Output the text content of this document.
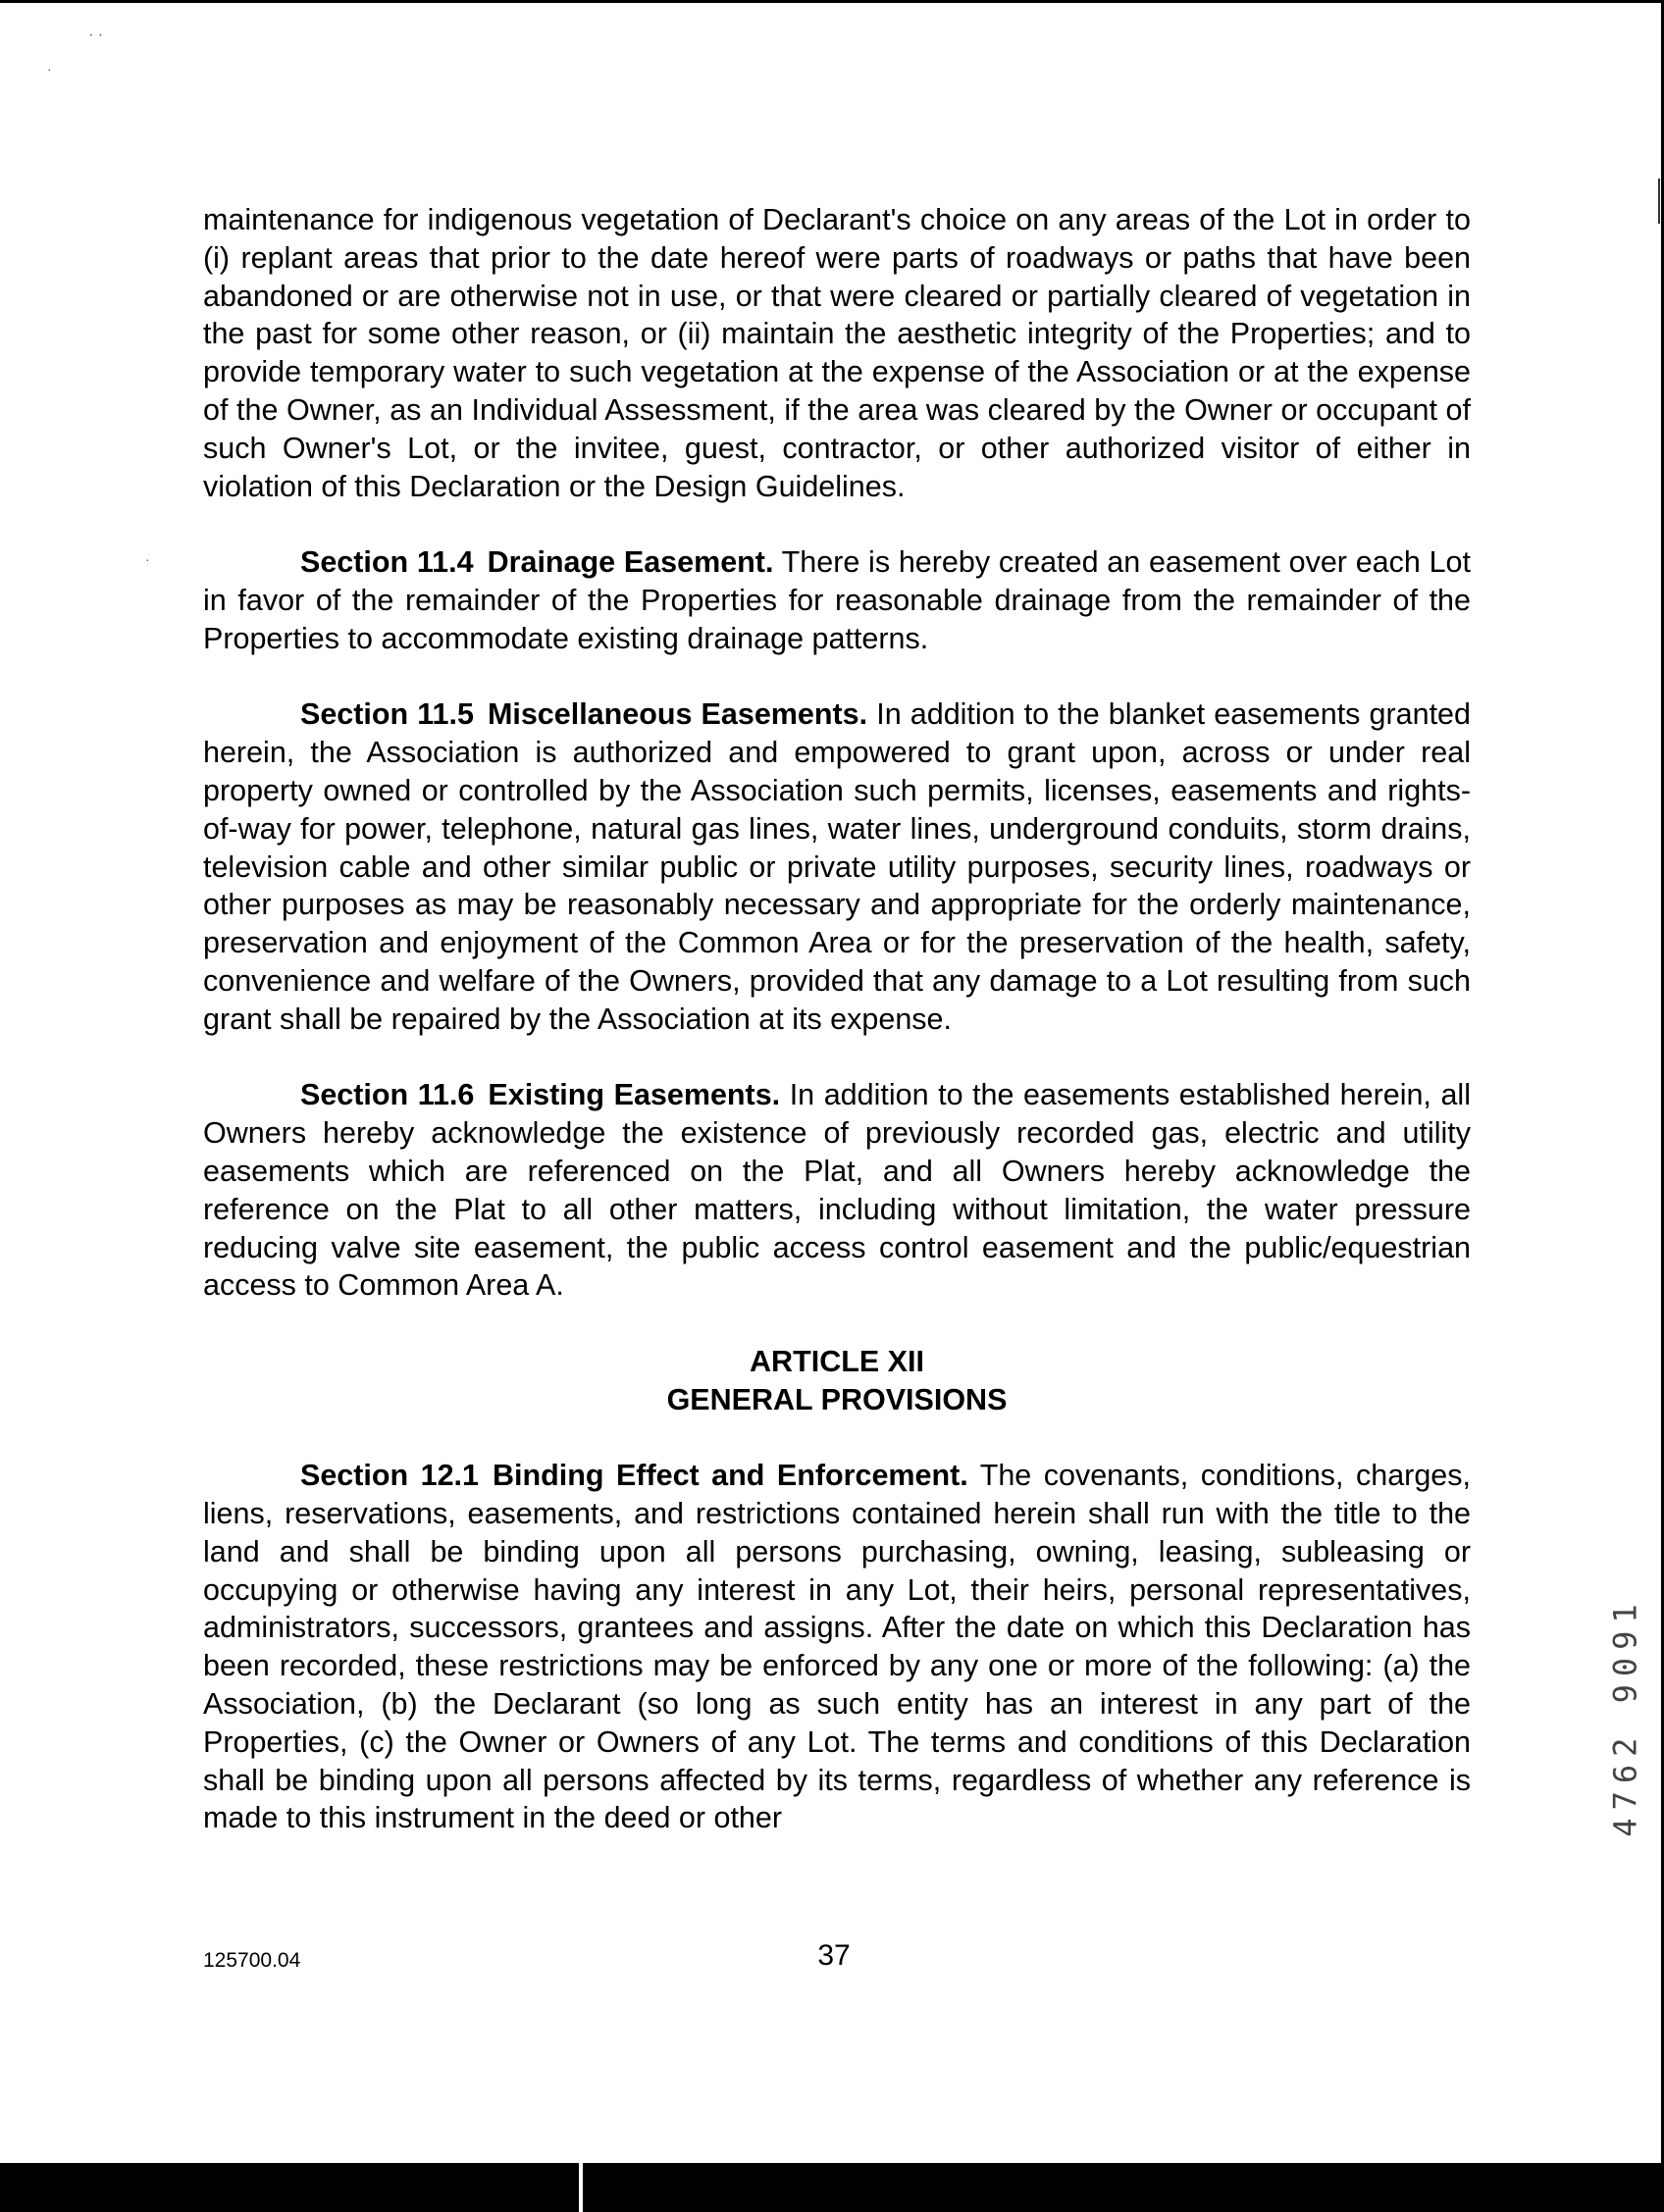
· ·
·
·

maintenance for indigenous vegetation of Declarant's choice on any areas of the Lot in order to (i) replant areas that prior to the date hereof were parts of roadways or paths that have been abandoned or are otherwise not in use, or that were cleared or partially cleared of vegetation in the past for some other reason, or (ii) maintain the aesthetic integrity of the Properties; and to provide temporary water to such vegetation at the expense of the Association or at the expense of the Owner, as an Individual Assessment, if the area was cleared by the Owner or occupant of such Owner's Lot, or the invitee, guest, contractor, or other authorized visitor of either in violation of this Declaration or the Design Guidelines.

Section 11.4 Drainage Easement. There is hereby created an easement over each Lot in favor of the remainder of the Properties for reasonable drainage from the remainder of the Properties to accommodate existing drainage patterns.

Section 11.5 Miscellaneous Easements. In addition to the blanket easements granted herein, the Association is authorized and empowered to grant upon, across or under real property owned or controlled by the Association such permits, licenses, easements and rights-of-way for power, telephone, natural gas lines, water lines, underground conduits, storm drains, television cable and other similar public or private utility purposes, security lines, roadways or other purposes as may be reasonably necessary and appropriate for the orderly maintenance, preservation and enjoyment of the Common Area or for the preservation of the health, safety, convenience and welfare of the Owners, provided that any damage to a Lot resulting from such grant shall be repaired by the Association at its expense.

Section 11.6 Existing Easements. In addition to the easements established herein, all Owners hereby acknowledge the existence of previously recorded gas, electric and utility easements which are referenced on the Plat, and all Owners hereby acknowledge the reference on the Plat to all other matters, including without limitation, the water pressure reducing valve site easement, the public access control easement and the public/equestrian access to Common Area A.

ARTICLE XII
GENERAL PROVISIONS

Section 12.1 Binding Effect and Enforcement. The covenants, conditions, charges, liens, reservations, easements, and restrictions contained herein shall run with the title to the land and shall be binding upon all persons purchasing, owning, leasing, subleasing or occupying or otherwise having any interest in any Lot, their heirs, personal representatives, administrators, successors, grantees and assigns. After the date on which this Declaration has been recorded, these restrictions may be enforced by any one or more of the following: (a) the Association, (b) the Declarant (so long as such entity has an interest in any part of the Properties, (c) the Owner or Owners of any Lot. The terms and conditions of this Declaration shall be binding upon all persons affected by its terms, regardless of whether any reference is made to this instrument in the deed or other

125700.04	37
4762 9091
